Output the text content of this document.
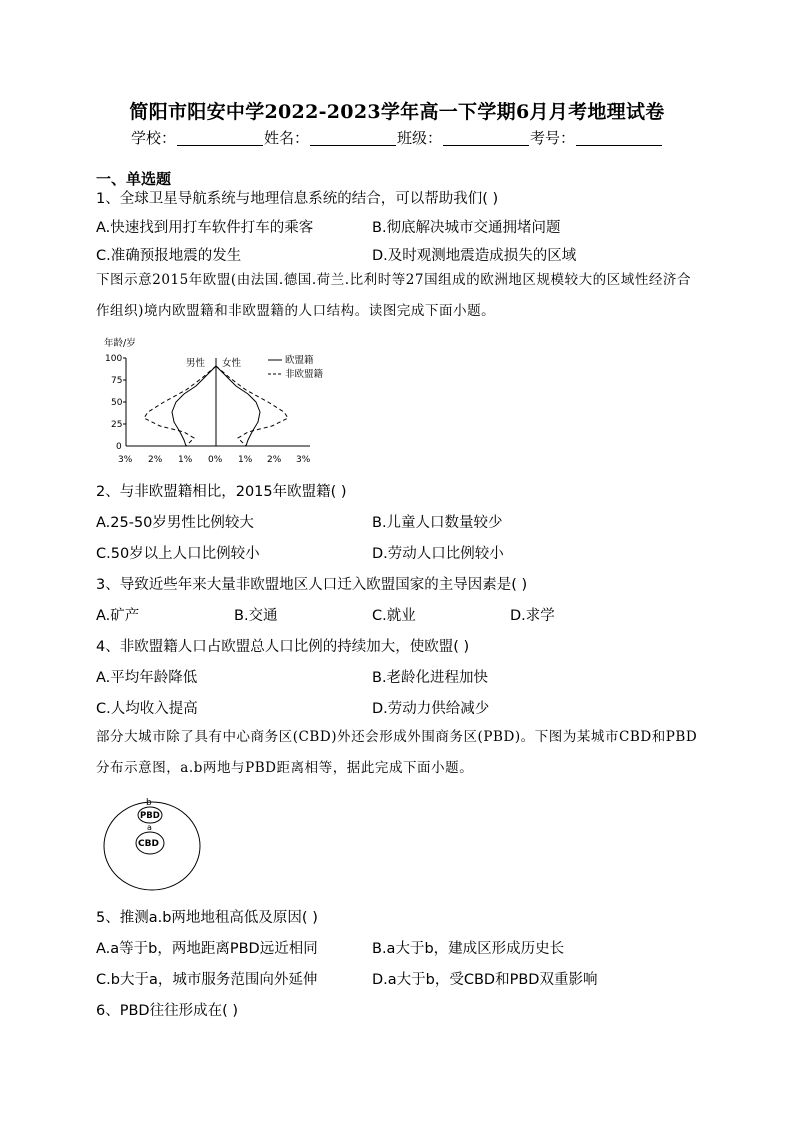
简阳市阳安中学2022-2023学年高一下学期6月月考地理试卷
学校：	姓名：	班级：	考号：
一、单选题
1、全球卫星导航系统与地理信息系统的结合，可以帮助我们( )
A.快速找到用打车软件打车的乘客	B.彻底解决城市交通拥堵问题
C.准确预报地震的发生	D.及时观测地震造成损失的区域
下图示意2015年欧盟(由法国.德国.荷兰.比利时等27国组成的欧洲地区规模较大的区域性经济合作组织)境内欧盟籍和非欧盟籍的人口结构。读图完成下面小题。
年龄/岁
100
75
50
25
0
3% 2% 1% 0% 1% 2% 3%
男性 女性	欧盟籍
非欧盟籍
2、与非欧盟籍相比，2015年欧盟籍( )
A.25-50岁男性比例较大	B.儿童人口数量较少
C.50岁以上人口比例较小	D.劳动人口比例较小
3、导致近些年来大量非欧盟地区人口迁入欧盟国家的主导因素是( )
A.矿产	B.交通	C.就业	D.求学
4、非欧盟籍人口占欧盟总人口比例的持续加大，使欧盟( )
A.平均年龄降低	B.老龄化进程加快
C.人均收入提高	D.劳动力供给减少
部分大城市除了具有中心商务区(CBD)外还会形成外围商务区(PBD)。下图为某城市CBD和PBD分布示意图，a.b两地与PBD距离相等，据此完成下面小题。
b
PBD
a
CBD
5、推测a.b两地地租高低及原因( )
A.a等于b，两地距离PBD远近相同	B.a大于b，建成区形成历史长
C.b大于a，城市服务范围向外延伸	D.a大于b，受CBD和PBD双重影响
6、PBD往往形成在( )
